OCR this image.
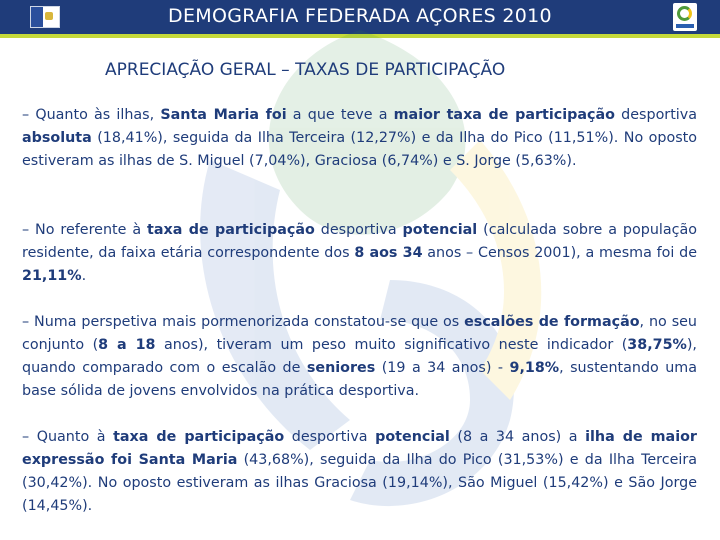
DEMOGRAFIA FEDERADA AÇORES 2010
APRECIAÇÃO GERAL – TAXAS DE PARTICIPAÇÃO

– Quanto às ilhas, Santa Maria foi a que teve a maior taxa de participação desportiva absoluta (18,41%), seguida da Ilha Terceira (12,27%) e da Ilha do Pico (11,51%). No oposto estiveram as ilhas de S. Miguel (7,04%), Graciosa (6,74%) e S. Jorge (5,63%).

– No referente à taxa de participação desportiva potencial (calculada sobre a população residente, da faixa etária correspondente dos 8 aos 34 anos – Censos 2001), a mesma foi de 21,11%.

– Numa perspetiva mais pormenorizada constatou-se que os escalões de formação, no seu conjunto (8 a 18 anos), tiveram um peso muito significativo neste indicador (38,75%), quando comparado com o escalão de seniores (19 a 34 anos) - 9,18%, sustentando uma base sólida de jovens envolvidos na prática desportiva.

– Quanto à taxa de participação desportiva potencial (8 a 34 anos) a ilha de maior expressão foi Santa Maria (43,68%), seguida da Ilha do Pico (31,53%) e da Ilha Terceira (30,42%). No oposto estiveram as ilhas Graciosa (19,14%), São Miguel (15,42%) e São Jorge (14,45%).
